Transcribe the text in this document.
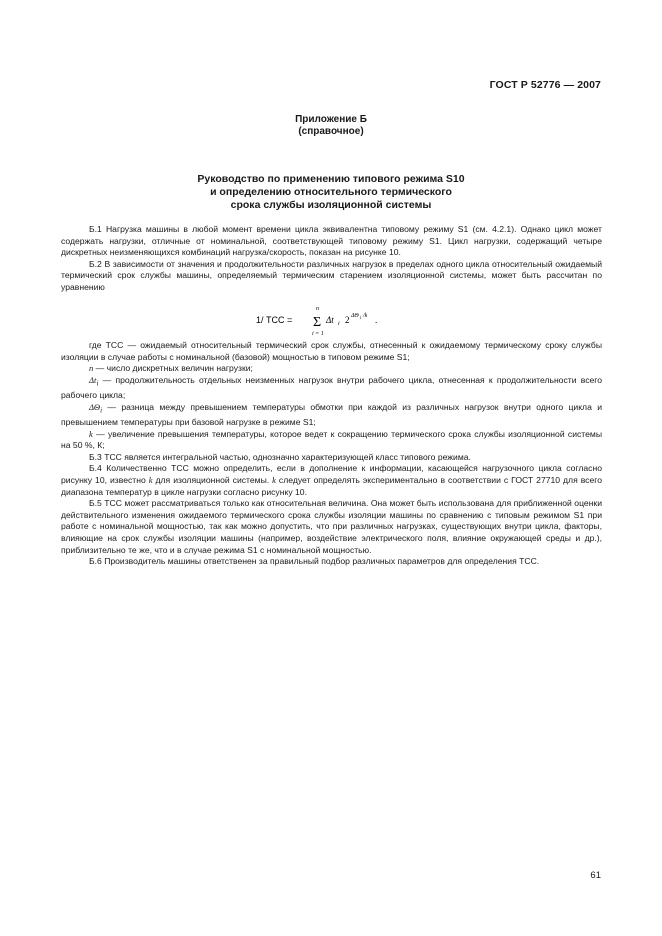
ГОСТ Р 52776 — 2007
Приложение Б
(справочное)
Руководство по применению типового режима S10
и определению относительного термического
срока службы изоляционной системы

Б.1 Нагрузка машины в любой момент времени цикла эквивалентна типовому режиму S1 (см. 4.2.1). Однако цикл может содержать нагрузки, отличные от номинальной, соответствующей типовому режиму S1. Цикл нагрузки, содержащий четыре дискретных неизменяющихся комбинаций нагрузка/скорость, показан на рисунке 10.

Б.2 В зависимости от значения и продолжительности различных нагрузок в пределах одного цикла относительный ожидаемый термический срок службы машины, определяемый термическим старением изоляционной системы, может быть рассчитан по уравнению

1/ ТСС =
n
Σ
i = 1
Δt i 2 ΔΘ i /k .

где ТСС — ожидаемый относительный термический срок службы, отнесенный к ожидаемому термическому сроку службы изоляции в случае работы с номинальной (базовой) мощностью в типовом режиме S1;

n — число дискретных величин нагрузки;

$\Delta t_i$ — продолжительность отдельных неизменных нагрузок внутри рабочего цикла, отнесенная к продолжительности всего рабочего цикла;

$\Delta\Theta_i$ — разница между превышением температуры обмотки при каждой из различных нагрузок внутри одного цикла и превышением температуры при базовой нагрузке в режиме S1;

k — увеличение превышения температуры, которое ведет к сокращению термического срока службы изоляционной системы на 50 %, К;

Б.3 ТСС является интегральной частью, однозначно характеризующей класс типового режима.

Б.4 Количественно ТСС можно определить, если в дополнение к информации, касающейся нагрузочного цикла согласно рисунку 10, известно k для изоляционной системы. k следует определять экспериментально в соответствии с ГОСТ 27710 для всего диапазона температур в цикле нагрузки согласно рисунку 10.

Б.5 ТСС может рассматриваться только как относительная величина. Она может быть использована для приближенной оценки действительного изменения ожидаемого термического срока службы изоляции машины по сравнению с типовым режимом S1 при работе с номинальной мощностью, так как можно допустить, что при различных нагрузках, существующих внутри цикла, факторы, влияющие на срок службы изоляции машины (например, воздействие электрического поля, влияние окружающей среды и др.), приблизительно те же, что и в случае режима S1 с номинальной мощностью.

Б.6 Производитель машины ответственен за правильный подбор различных параметров для определения ТСС.

61
